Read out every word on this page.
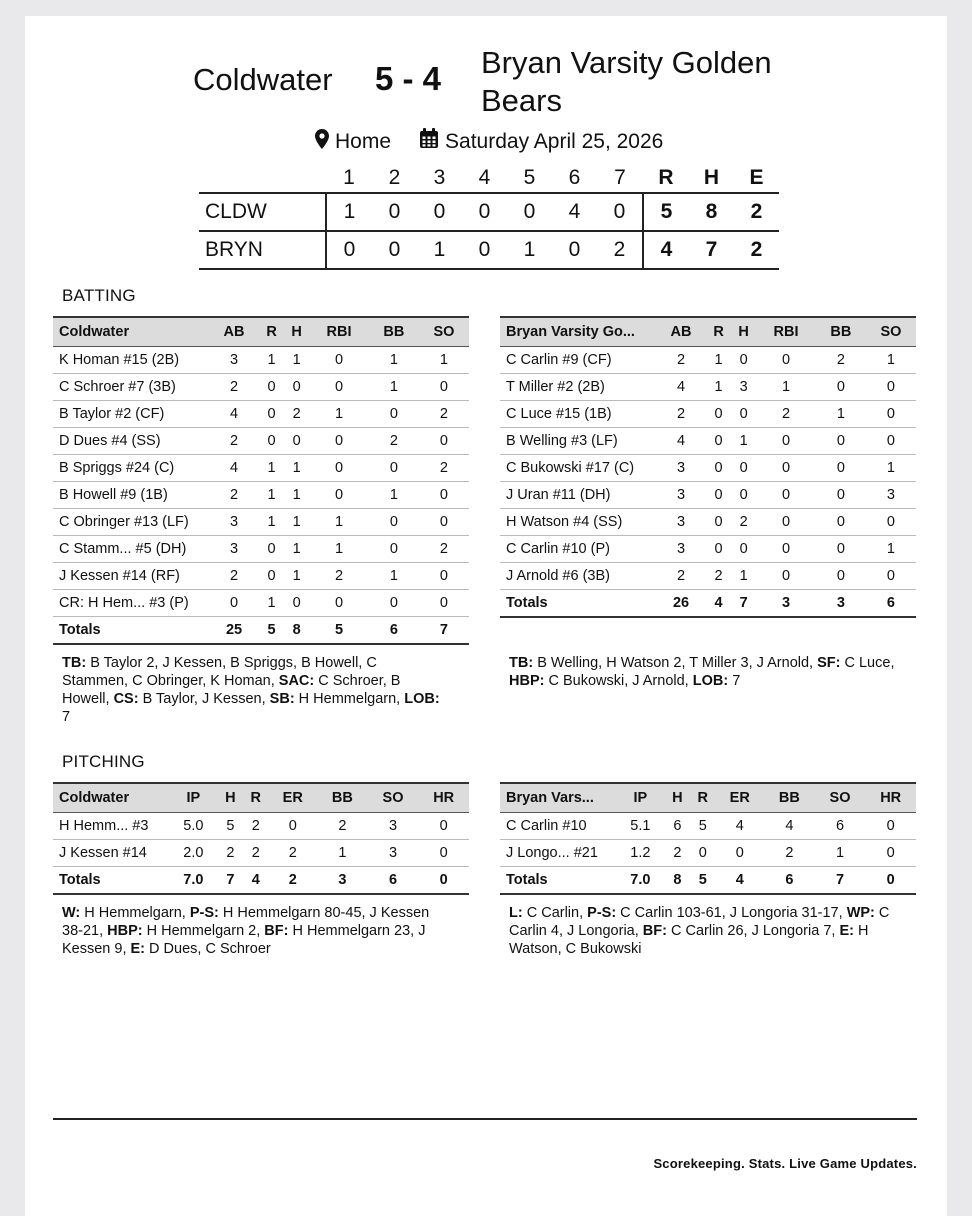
Coldwater 5 - 4 Bryan Varsity Golden Bears
Home	Saturday April 25, 2026
	1	2	3	4	5	6	7	R	H	E
CLDW	1	0	0	0	0	4	0	5	8	2
BRYN	0	0	1	0	1	0	2	4	7	2
BATTING
Coldwater	AB	R	H	RBI	BB	SO
K Homan #15 (2B)	3	1	1	0	1	1
C Schroer #7 (3B)	2	0	0	0	1	0
B Taylor #2 (CF)	4	0	2	1	0	2
D Dues #4 (SS)	2	0	0	0	2	0
B Spriggs #24 (C)	4	1	1	0	0	2
B Howell #9 (1B)	2	1	1	0	1	0
C Obringer #13 (LF)	3	1	1	1	0	0
C Stamm... #5 (DH)	3	0	1	1	0	2
J Kessen #14 (RF)	2	0	1	2	1	0
CR: H Hem... #3 (P)	0	1	0	0	0	0
Totals	25	5	8	5	6	7
Bryan Varsity Go...	AB	R	H	RBI	BB	SO
C Carlin #9 (CF)	2	1	0	0	2	1
T Miller #2 (2B)	4	1	3	1	0	0
C Luce #15 (1B)	2	0	0	2	1	0
B Welling #3 (LF)	4	0	1	0	0	0
C Bukowski #17 (C)	3	0	0	0	0	1
J Uran #11 (DH)	3	0	0	0	0	3
H Watson #4 (SS)	3	0	2	0	0	0
C Carlin #10 (P)	3	0	0	0	0	1
J Arnold #6 (3B)	2	2	1	0	0	0
Totals	26	4	7	3	3	6
TB: B Taylor 2, J Kessen, B Spriggs, B Howell, C Stammen, C Obringer, K Homan, SAC: C Schroer, B Howell, CS: B Taylor, J Kessen, SB: H Hemmelgarn, LOB: 7
TB: B Welling, H Watson 2, T Miller 3, J Arnold, SF: C Luce, HBP: C Bukowski, J Arnold, LOB: 7
PITCHING
Coldwater	IP	H	R	ER	BB	SO	HR
H Hemm... #3	5.0	5	2	0	2	3	0
J Kessen #14	2.0	2	2	2	1	3	0
Totals	7.0	7	4	2	3	6	0
Bryan Vars...	IP	H	R	ER	BB	SO	HR
C Carlin #10	5.1	6	5	4	4	6	0
J Longo... #21	1.2	2	0	0	2	1	0
Totals	7.0	8	5	4	6	7	0
W: H Hemmelgarn, P-S: H Hemmelgarn 80-45, J Kessen 38-21, HBP: H Hemmelgarn 2, BF: H Hemmelgarn 23, J Kessen 9, E: D Dues, C Schroer
L: C Carlin, P-S: C Carlin 103-61, J Longoria 31-17, WP: C Carlin 4, J Longoria, BF: C Carlin 26, J Longoria 7, E: H Watson, C Bukowski
Scorekeeping. Stats. Live Game Updates.
